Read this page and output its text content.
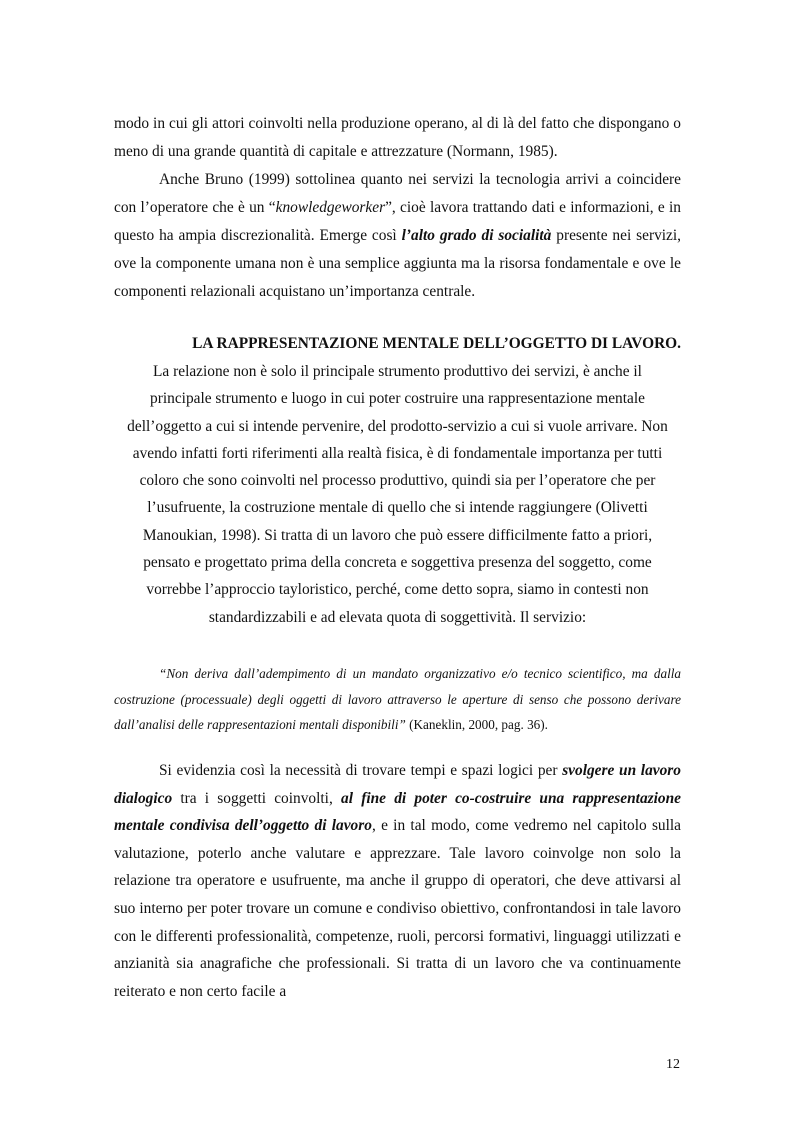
modo in cui gli attori coinvolti nella produzione operano, al di là del fatto che dispongano o meno di una grande quantità di capitale e attrezzature (Normann, 1985).

Anche Bruno (1999) sottolinea quanto nei servizi la tecnologia arrivi a coincidere con l’operatore che è un “knowledgeworker”, cioè lavora trattando dati e informazioni, e in questo ha ampia discrezionalità. Emerge così l’alto grado di socialità presente nei servizi, ove la componente umana non è una semplice aggiunta ma la risorsa fondamentale e ove le componenti relazionali acquistano un’importanza centrale.

LA RAPPRESENTAZIONE MENTALE DELL’OGGETTO DI LAVORO.
La relazione non è solo il principale strumento produttivo dei servizi, è anche il
principale strumento e luogo in cui poter costruire una rappresentazione mentale
dell’oggetto a cui si intende pervenire, del prodotto-servizio a cui si vuole arrivare. Non
avendo infatti forti riferimenti alla realtà fisica, è di fondamentale importanza per tutti
coloro che sono coinvolti nel processo produttivo, quindi sia per l’operatore che per
l’usufruente, la costruzione mentale di quello che si intende raggiungere (Olivetti
Manoukian, 1998). Si tratta di un lavoro che può essere difficilmente fatto a priori,
pensato e progettato prima della concreta e soggettiva presenza del soggetto, come
vorrebbe l’approccio tayloristico, perché, come detto sopra, siamo in contesti non
standardizzabili e ad elevata quota di soggettività. Il servizio:

“Non deriva dall’adempimento di un mandato organizzativo e/o tecnico scientifico, ma dalla costruzione (processuale) degli oggetti di lavoro attraverso le aperture di senso che possono derivare dall’analisi delle rappresentazioni mentali disponibili” (Kaneklin, 2000, pag. 36).

Si evidenzia così la necessità di trovare tempi e spazi logici per svolgere un lavoro dialogico tra i soggetti coinvolti, al fine di poter co-costruire una rappresentazione mentale condivisa dell’oggetto di lavoro, e in tal modo, come vedremo nel capitolo sulla valutazione, poterlo anche valutare e apprezzare. Tale lavoro coinvolge non solo la relazione tra operatore e usufruente, ma anche il gruppo di operatori, che deve attivarsi al suo interno per poter trovare un comune e condiviso obiettivo, confrontandosi in tale lavoro con le differenti professionalità, competenze, ruoli, percorsi formativi, linguaggi utilizzati e anzianità sia anagrafiche che professionali. Si tratta di un lavoro che va continuamente reiterato e non certo facile a

12
